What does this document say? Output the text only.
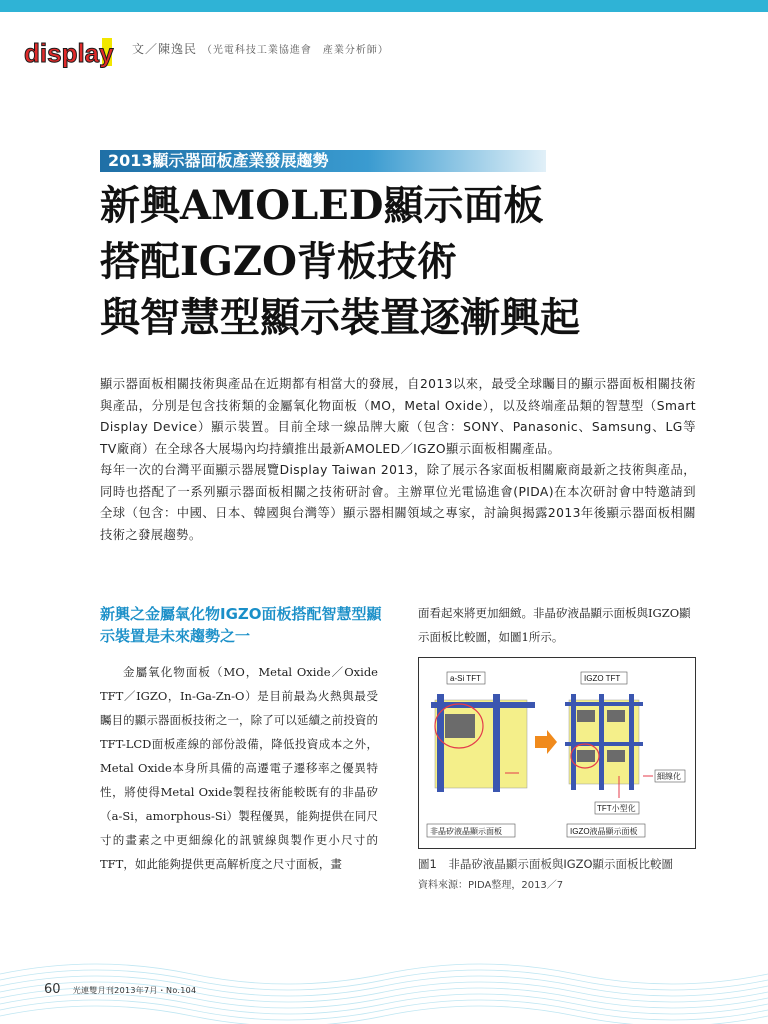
display 文／陳逸民 （光電科技工業協進會　產業分析師）
2013顯示器面板產業發展趨勢
新興AMOLED顯示面板
搭配IGZO背板技術
與智慧型顯示裝置逐漸興起

顯示器面板相關技術與產品在近期都有相當大的發展，自2013以來，最受全球矚目的顯示器面板相關技術與產品，分別是包含技術類的金屬氧化物面板（MO，Metal Oxide），以及終端產品類的智慧型（Smart Display Device）顯示裝置。目前全球一線品牌大廠（包含：SONY、Panasonic、Samsung、LG等TV廠商）在全球各大展場內均持續推出最新AMOLED／IGZO顯示面板相關產品。

每年一次的台灣平面顯示器展覽Display Taiwan 2013，除了展示各家面板相關廠商最新之技術與產品，同時也搭配了一系列顯示器面板相關之技術研討會。主辦單位光電協進會(PIDA)在本次研討會中特邀請到全球（包含：中國、日本、韓國與台灣等）顯示器相關領域之專家，討論與揭露2013年後顯示器面板相關技術之發展趨勢。

新興之金屬氧化物IGZO面板搭配智慧型顯示裝置是未來趨勢之一

金屬氧化物面板（MO，Metal Oxide／Oxide TFT／IGZO，In-Ga-Zn-O）是目前最為火熱與最受矚目的顯示器面板技術之一，除了可以延續之前投資的TFT-LCD面板產線的部份設備，降低投資成本之外，Metal Oxide本身所具備的高遷電子遷移率之優異特性，將使得Metal Oxide製程技術能較既有的非晶矽（a-Si，amorphous-Si）製程優異，能夠提供在同尺寸的畫素之中更細線化的訊號線與製作更小尺寸的TFT，如此能夠提供更高解析度之尺寸面板，畫

面看起來將更加細緻。非晶矽液晶顯示面板與IGZO顯示面板比較圖，如圖1所示。

a-Si TFT	IGZO TFT
細線化
TFT小型化
非晶矽液晶顯示面板	IGZO液晶顯示面板
圖1　非晶矽液晶顯示面板與IGZO顯示面板比較圖
資料來源：PIDA整理，2013／7
60 光連雙月刊2013年7月・No.104
